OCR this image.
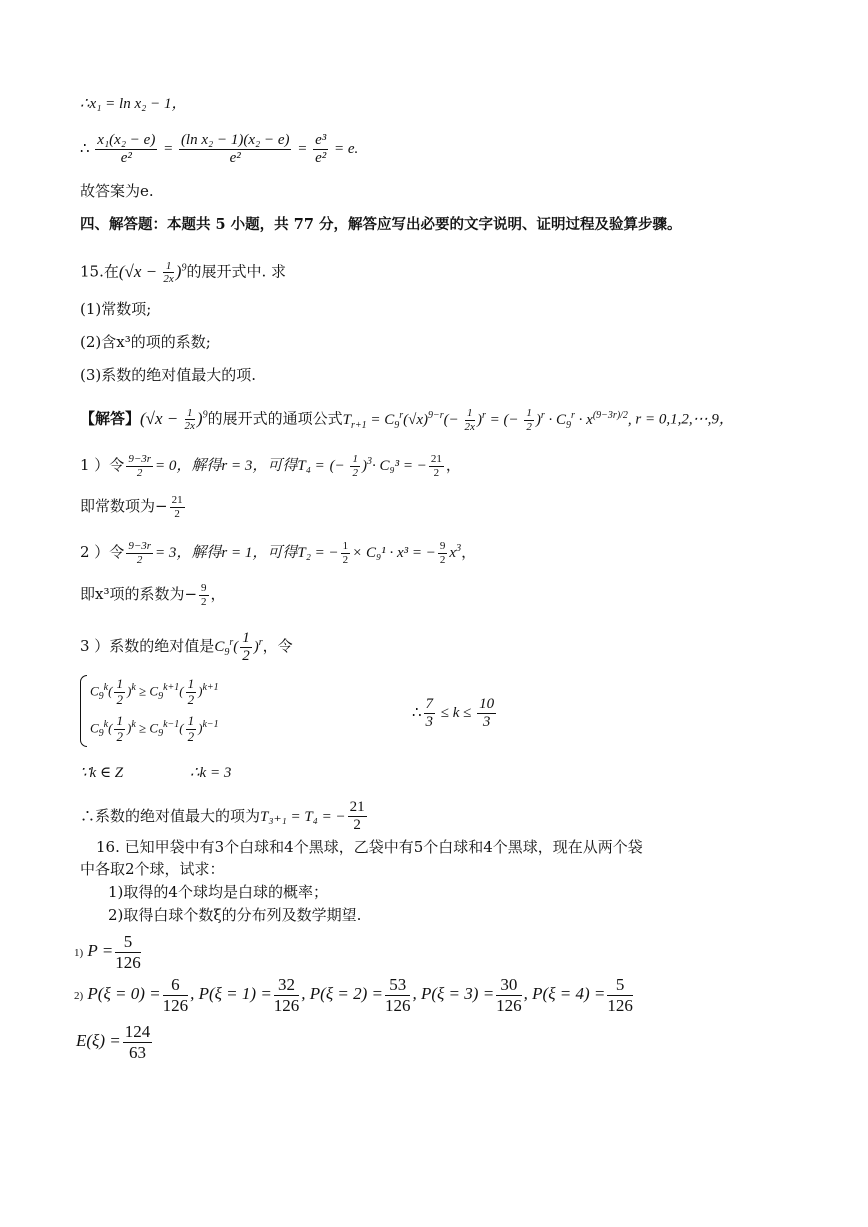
∴x₁ = ln x₂ − 1，
∴ $\frac{\text{x₁(x₂ − e)}}{\text{e²}} = \frac{\text{(ln x₂ − 1)(x₂ − e)}}{\text{e²}} = \frac{\text{e³}}{\text{e²}} = e$.
故答案为e.
四、解答题：本题共 5 小题，共 77 分，解答应写出必要的文字说明、证明过程及验算步骤。
15.在$(√x - \frac{1}{2x} )^9$的展开式中. 求
(1)常数项;
(2)含x³的项的系数;
(3)系数的绝对值最大的项.
【解答】$(√x - \frac{1}{2x} )^9$的展开式的通项公式$T_{r+1} = C_9^r(√x)^{9-r}(- \frac{1}{2x} )^r$ = (− $\frac{1}{2} )^r \cdot C_9^r \cdot x^{(9-3r)/2}$, r = 0,1,2,⋯,9，
1 ）令 $\frac{9-3r}{2} = 0$，解得r = 3，可得T₄ = (− $\frac{1}{2} )^3\cdot C_9^3$ = − $\frac{21}{2}$ ，
即常数项为− $\frac{21}{2}$
2 ）令 $\frac{9-3r}{2} = 3$，解得r = 1，可得T₂ = − $\frac{1}{2} \times C_9^1 \cdot x^3$ = − $\frac{9}{2} x^3$，
即x³项的系数为− $\frac{9}{2}$ ，
3 ）系数的绝对值是$C_9^r( \frac{1}{2} )^r$，令
$C_9^k( \frac{1}{2} )^k \ge C_9^{k+1}( \frac{1}{2} )^{k+1}$
$C_9^k( \frac{1}{2} )^k \ge C_9^{k-1}( \frac{1}{2} )^{k-1}$
∴ $\frac{7}{3} \le k \le \frac{10}{3}$
∵k ∈ Z	∴k = 3
∴系数的绝对值最大的项为T₃₊₁ = T₄ = − $\frac{21}{2}$
16. 已知甲袋中有3个白球和4个黑球，乙袋中有5个白球和4个黑球，现在从两个袋
中各取2个球，试求：
1)取得的4个球均是白球的概率；
2)取得白球个数ξ的分布列及数学期望.
1) $P = \frac{5}{126}$
2) $P(\xi = 0) = \frac{6}{126}$ , $P(\xi = 1) = \frac{32}{126}$ , $P(\xi = 2) = \frac{53}{126}$ , $P(\xi = 3) = \frac{30}{126}$ , $P(\xi = 4) = \frac{5}{126}$
$E(\xi) = \frac{124}{63}$
